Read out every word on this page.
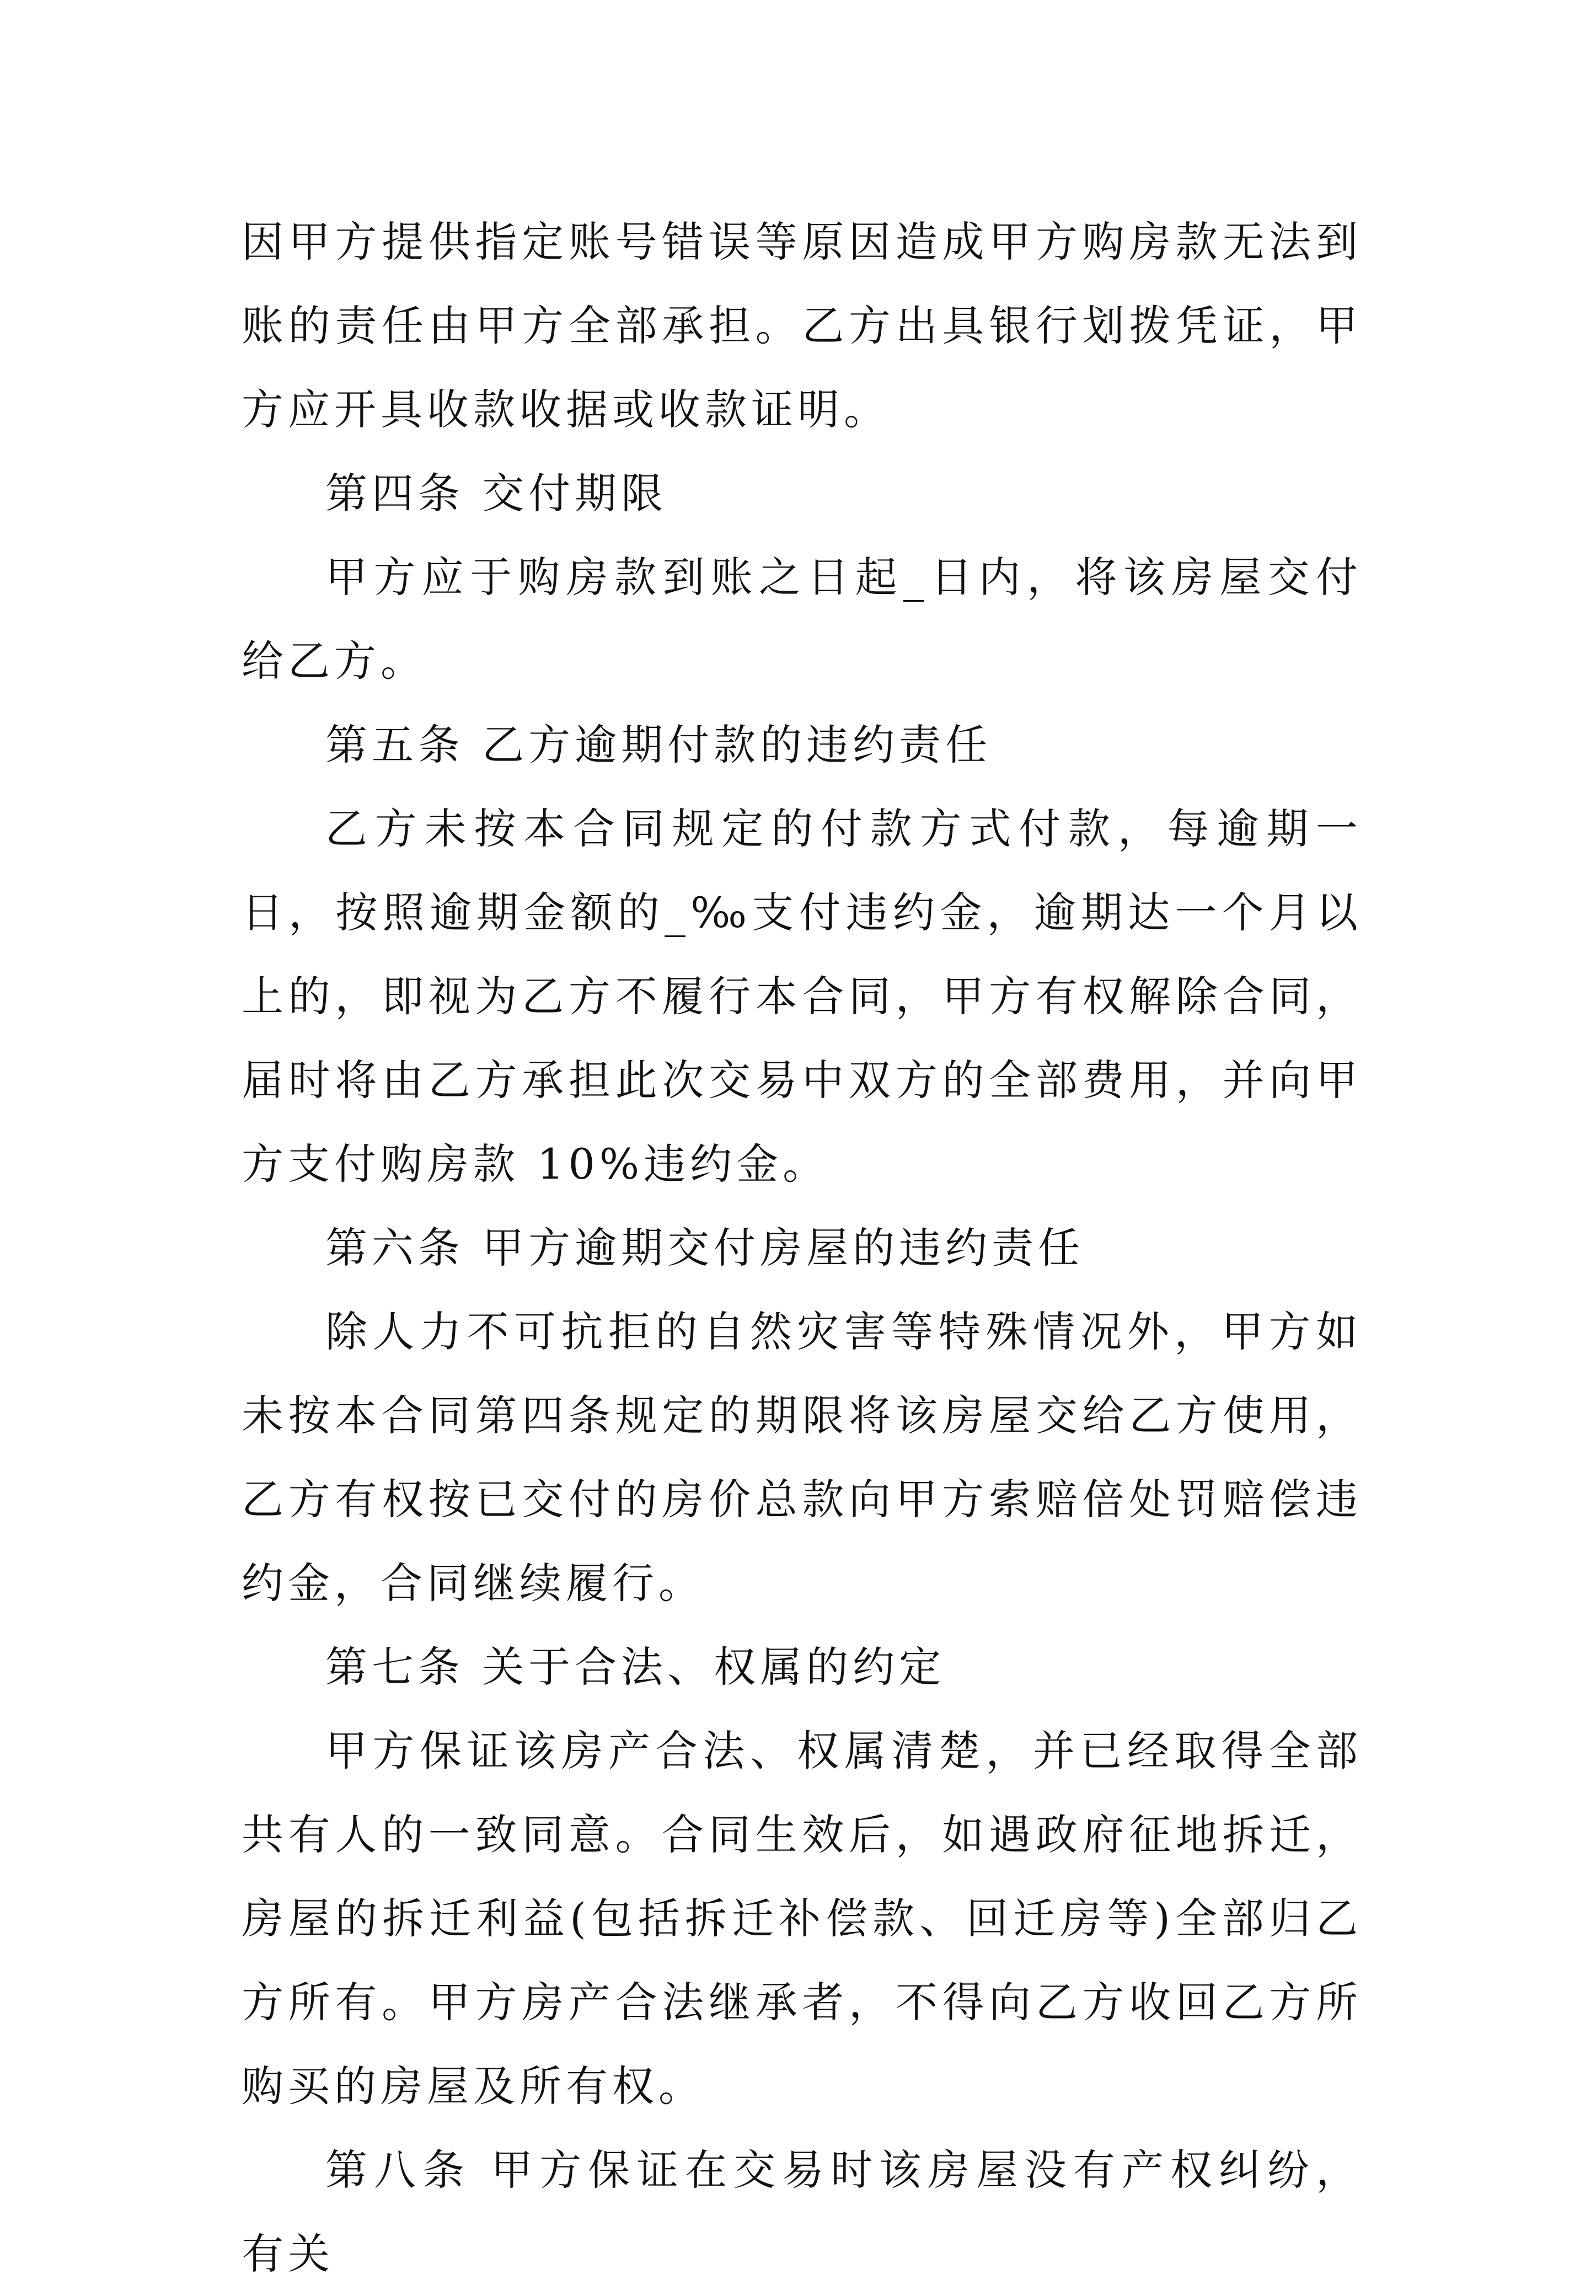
因甲方提供指定账号错误等原因造成甲方购房款无法到账的责任由甲方全部承担。乙方出具银行划拨凭证，甲方应开具收款收据或收款证明。

第四条 交付期限

甲方应于购房款到账之日起_日内，将该房屋交付给乙方。

第五条 乙方逾期付款的违约责任

乙方未按本合同规定的付款方式付款，每逾期一日，按照逾期金额的_‰支付违约金，逾期达一个月以上的，即视为乙方不履行本合同，甲方有权解除合同，届时将由乙方承担此次交易中双方的全部费用，并向甲方支付购房款 10%违约金。

第六条 甲方逾期交付房屋的违约责任

除人力不可抗拒的自然灾害等特殊情况外，甲方如未按本合同第四条规定的期限将该房屋交给乙方使用，乙方有权按已交付的房价总款向甲方索赔倍处罚赔偿违约金，合同继续履行。

第七条 关于合法、权属的约定

甲方保证该房产合法、权属清楚，并已经取得全部共有人的一致同意。合同生效后，如遇政府征地拆迁，房屋的拆迁利益(包括拆迁补偿款、回迁房等)全部归乙方所有。甲方房产合法继承者，不得向乙方收回乙方所购买的房屋及所有权。

第八条 甲方保证在交易时该房屋没有产权纠纷，有关
